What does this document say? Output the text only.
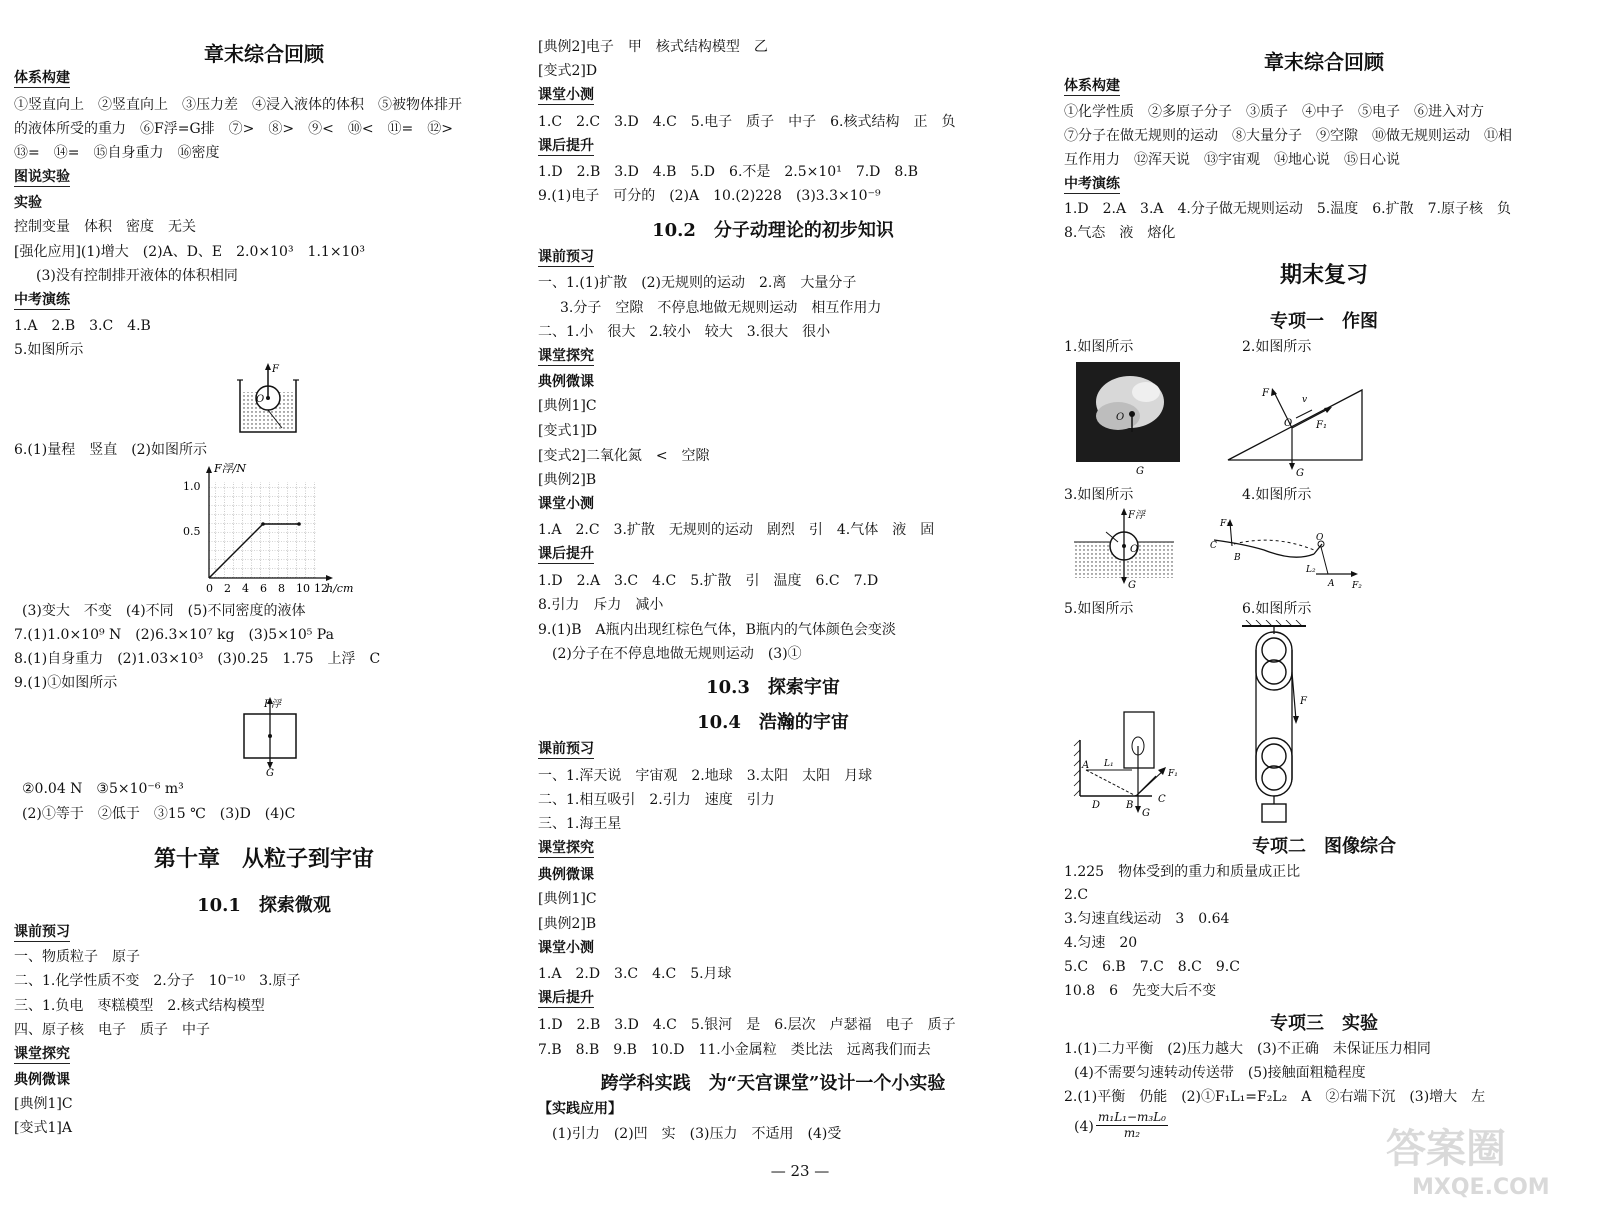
章末综合回顾
体系构建
①竖直向上　②竖直向上　③压力差　④浸入液体的体积　⑤被物体排开
的液体所受的重力　⑥F浮=G排　⑦>　⑧>　⑨<　⑩<　⑪=　⑫>
⑬=　⑭=　⑮自身重力　⑯密度
图说实验
实验
控制变量　体积　密度　无关
[强化应用](1)增大　(2)A、D、E　2.0×10³　1.1×10³
(3)没有控制排开液体的体积相同
中考演练
1.A　2.B　3.C　4.B
5.如图所示
F
O
6.(1)量程　竖直　(2)如图所示
F浮/N
h/cm
1.0
0.5
0 2 4 6 8 10 12
(3)变大　不变　(4)不同　(5)不同密度的液体
7.(1)1.0×10⁹ N　(2)6.3×10⁷ kg　(3)5×10⁵ Pa
8.(1)自身重力　(2)1.03×10³　(3)0.25　1.75　上浮　C
9.(1)①如图所示
F浮
G
②0.04 N　③5×10⁻⁶ m³
(2)①等于　②低于　③15 ℃　(3)D　(4)C
第十章　从粒子到宇宙
10.1　探索微观
课前预习
一、物质粒子　原子
二、1.化学性质不变　2.分子　10⁻¹⁰　3.原子
三、1.负电　枣糕模型　2.核式结构模型
四、原子核　电子　质子　中子
课堂探究
典例微课
[典例1]C
[变式1]A
[典例2]电子　甲　核式结构模型　乙
[变式2]D
课堂小测
1.C　2.C　3.D　4.C　5.电子　质子　中子　6.核式结构　正　负
课后提升
1.D　2.B　3.D　4.B　5.D　6.不是　2.5×10¹　7.D　8.B
9.(1)电子　可分的　(2)A　10.(2)228　(3)3.3×10⁻⁹
10.2　分子动理论的初步知识
课前预习
一、1.(1)扩散　(2)无规则的运动　2.离　大量分子
3.分子　空隙　不停息地做无规则运动　相互作用力
二、1.小　很大　2.较小　较大　3.很大　很小
课堂探究
典例微课
[典例1]C
[变式1]D
[变式2]二氧化氮　<　空隙
[典例2]B
课堂小测
1.A　2.C　3.扩散　无规则的运动　剧烈　引　4.气体　液　固
课后提升
1.D　2.A　3.C　4.C　5.扩散　引　温度　6.C　7.D
8.引力　斥力　减小
9.(1)B　A瓶内出现红棕色气体，B瓶内的气体颜色会变淡
(2)分子在不停息地做无规则运动　(3)①
10.3　探索宇宙
10.4　浩瀚的宇宙
课前预习
一、1.浑天说　宇宙观　2.地球　3.太阳　太阳　月球
二、1.相互吸引　2.引力　速度　引力
三、1.海王星
课堂探究
典例微课
[典例1]C
[典例2]B
课堂小测
1.A　2.D　3.C　4.C　5.月球
课后提升
1.D　2.B　3.D　4.C　5.银河　是　6.层次　卢瑟福　电子　质子
7.B　8.B　9.B　10.D　11.小金属粒　类比法　远离我们而去
跨学科实践　为“天宫课堂”设计一个小实验
【实践应用】
(1)引力　(2)凹　实　(3)压力　不适用　(4)受
章末综合回顾
体系构建
①化学性质　②多原子分子　③质子　④中子　⑤电子　⑥进入对方
⑦分子在做无规则的运动　⑧大量分子　⑨空隙　⑩做无规则运动　⑪相
互作用力　⑫浑天说　⑬宇宙观　⑭地心说　⑮日心说
中考演练
1.D　2.A　3.A　4.分子做无规则运动　5.温度　6.扩散　7.原子核　负
8.气态　液　熔化
期末复习
专项一　作图
1.如图所示	2.如图所示
O
G
F
O F₁
v
G
3.如图所示	4.如图所示
F浮
O
G
F₁
C
B
A
L₂
F₂
O
5.如图所示	6.如图所示
A L₁
F₁
C
D	B
G
F
专项二　图像综合
1.225　物体受到的重力和质量成正比
2.C
3.匀速直线运动　3　0.64
4.匀速　20
5.C　6.B　7.C　8.C　9.C
10.8　6　先变大后不变
专项三　实验
1.(1)二力平衡　(2)压力越大　(3)不正确　未保证压力相同
(4)不需要匀速转动传送带　(5)接触面粗糙程度
2.(1)平衡　仍能　(2)①F₁L₁=F₂L₂　A　②右端下沉　(3)增大　左
$(4) \frac{\text{m₁L₁−m₃L₀}}{\text{m₂}}$
— 23 —	答案圈
MXQE.COM
